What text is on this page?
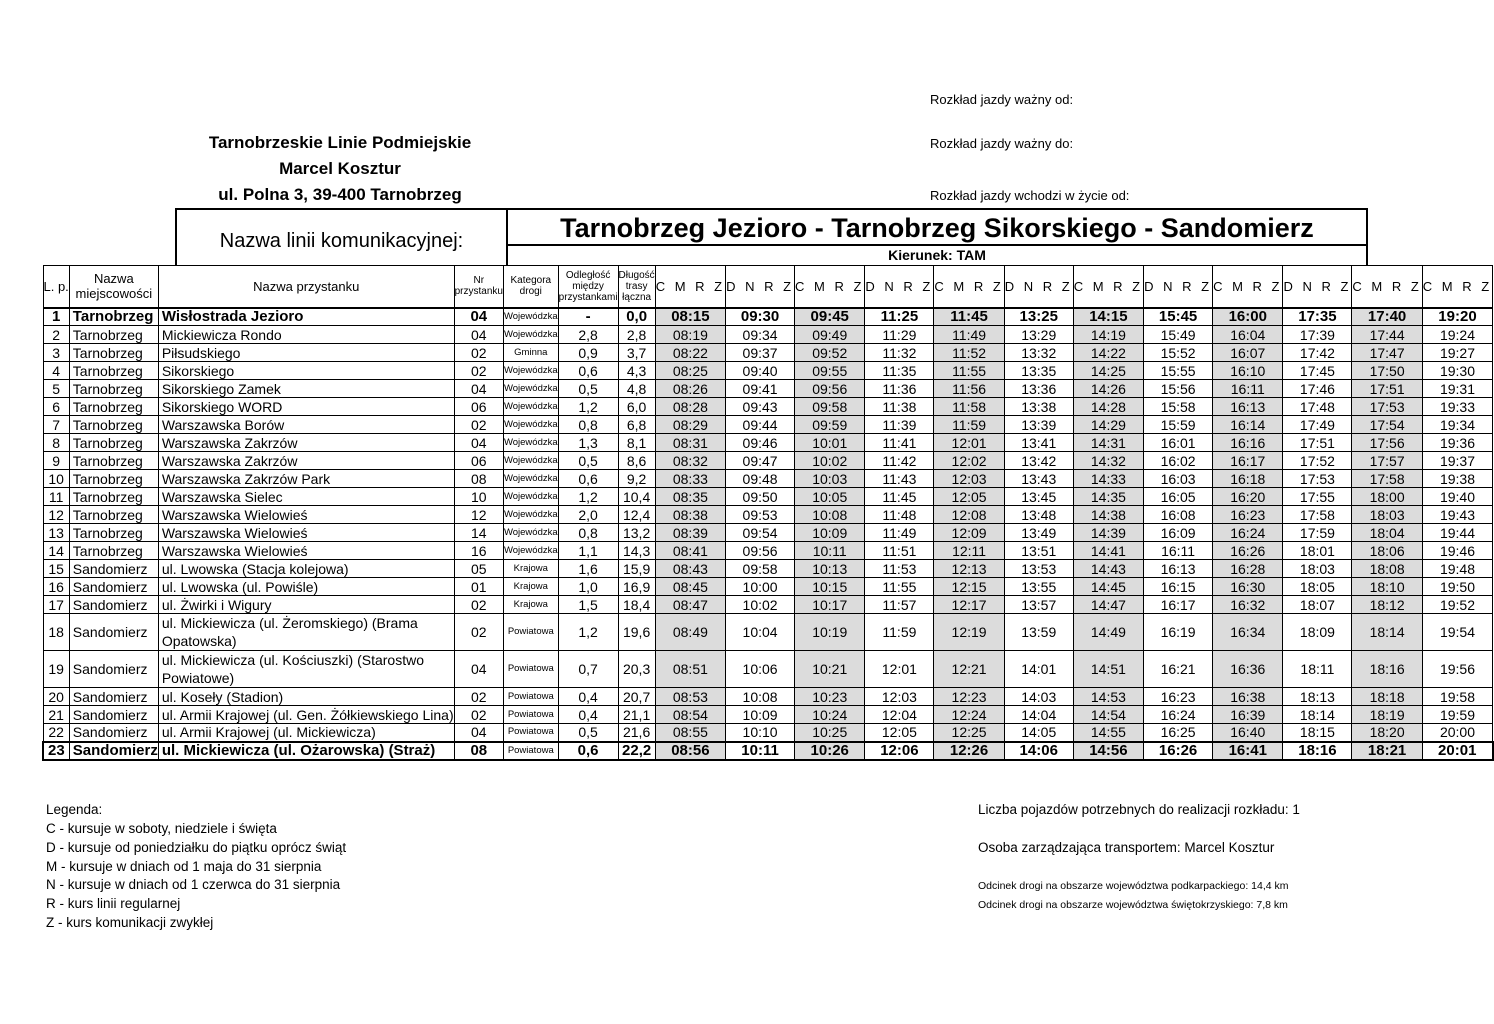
Rozkład jazdy ważny od:
Rozkład jazdy ważny do:
Rozkład jazdy wchodzi w życie od:
Tarnobrzeskie Linie Podmiejskie
Marcel Kosztur
ul. Polna 3, 39-400 Tarnobrzeg
Nazwa linii komunikacyjnej:	Tarnobrzeg Jezioro - Tarnobrzeg Sikorskiego - Sandomierz
Kierunek: TAM
L. p.	Nazwa miejscowości	Nazwa przystanku	Nr przystanku	Kategora drogi	Odległość między przystankami	Długość trasy łączna	C M R Z	D N R Z	C M R Z	D N R Z	C M R Z	D N R Z	C M R Z	D N R Z	C M R Z	D N R Z	C M R Z	C M R Z
1	Tarnobrzeg	Wisłostrada Jezioro	04	Wojewódzka	-	0,0	08:15	09:30	09:45	11:25	11:45	13:25	14:15	15:45	16:00	17:35	17:40	19:20
2	Tarnobrzeg	Mickiewicza Rondo	04	Wojewódzka	2,8	2,8	08:19	09:34	09:49	11:29	11:49	13:29	14:19	15:49	16:04	17:39	17:44	19:24
3	Tarnobrzeg	Piłsudskiego	02	Gminna	0,9	3,7	08:22	09:37	09:52	11:32	11:52	13:32	14:22	15:52	16:07	17:42	17:47	19:27
4	Tarnobrzeg	Sikorskiego	02	Wojewódzka	0,6	4,3	08:25	09:40	09:55	11:35	11:55	13:35	14:25	15:55	16:10	17:45	17:50	19:30
5	Tarnobrzeg	Sikorskiego Zamek	04	Wojewódzka	0,5	4,8	08:26	09:41	09:56	11:36	11:56	13:36	14:26	15:56	16:11	17:46	17:51	19:31
6	Tarnobrzeg	Sikorskiego WORD	06	Wojewódzka	1,2	6,0	08:28	09:43	09:58	11:38	11:58	13:38	14:28	15:58	16:13	17:48	17:53	19:33
7	Tarnobrzeg	Warszawska Borów	02	Wojewódzka	0,8	6,8	08:29	09:44	09:59	11:39	11:59	13:39	14:29	15:59	16:14	17:49	17:54	19:34
8	Tarnobrzeg	Warszawska Zakrzów	04	Wojewódzka	1,3	8,1	08:31	09:46	10:01	11:41	12:01	13:41	14:31	16:01	16:16	17:51	17:56	19:36
9	Tarnobrzeg	Warszawska Zakrzów	06	Wojewódzka	0,5	8,6	08:32	09:47	10:02	11:42	12:02	13:42	14:32	16:02	16:17	17:52	17:57	19:37
10	Tarnobrzeg	Warszawska Zakrzów Park	08	Wojewódzka	0,6	9,2	08:33	09:48	10:03	11:43	12:03	13:43	14:33	16:03	16:18	17:53	17:58	19:38
11	Tarnobrzeg	Warszawska Sielec	10	Wojewódzka	1,2	10,4	08:35	09:50	10:05	11:45	12:05	13:45	14:35	16:05	16:20	17:55	18:00	19:40
12	Tarnobrzeg	Warszawska Wielowieś	12	Wojewódzka	2,0	12,4	08:38	09:53	10:08	11:48	12:08	13:48	14:38	16:08	16:23	17:58	18:03	19:43
13	Tarnobrzeg	Warszawska Wielowieś	14	Wojewódzka	0,8	13,2	08:39	09:54	10:09	11:49	12:09	13:49	14:39	16:09	16:24	17:59	18:04	19:44
14	Tarnobrzeg	Warszawska Wielowieś	16	Wojewódzka	1,1	14,3	08:41	09:56	10:11	11:51	12:11	13:51	14:41	16:11	16:26	18:01	18:06	19:46
15	Sandomierz	ul. Lwowska (Stacja kolejowa)	05	Krajowa	1,6	15,9	08:43	09:58	10:13	11:53	12:13	13:53	14:43	16:13	16:28	18:03	18:08	19:48
16	Sandomierz	ul. Lwowska (ul. Powiśle)	01	Krajowa	1,0	16,9	08:45	10:00	10:15	11:55	12:15	13:55	14:45	16:15	16:30	18:05	18:10	19:50
17	Sandomierz	ul. Żwirki i Wigury	02	Krajowa	1,5	18,4	08:47	10:02	10:17	11:57	12:17	13:57	14:47	16:17	16:32	18:07	18:12	19:52
18	Sandomierz	ul. Mickiewicza (ul. Żeromskiego) (Brama Opatowska)	02	Powiatowa	1,2	19,6	08:49	10:04	10:19	11:59	12:19	13:59	14:49	16:19	16:34	18:09	18:14	19:54
19	Sandomierz	ul. Mickiewicza (ul. Kościuszki) (Starostwo Powiatowe)	04	Powiatowa	0,7	20,3	08:51	10:06	10:21	12:01	12:21	14:01	14:51	16:21	16:36	18:11	18:16	19:56
20	Sandomierz	ul. Koseły (Stadion)	02	Powiatowa	0,4	20,7	08:53	10:08	10:23	12:03	12:23	14:03	14:53	16:23	16:38	18:13	18:18	19:58
21	Sandomierz	ul. Armii Krajowej (ul. Gen. Żółkiewskiego Lina)	02	Powiatowa	0,4	21,1	08:54	10:09	10:24	12:04	12:24	14:04	14:54	16:24	16:39	18:14	18:19	19:59
22	Sandomierz	ul. Armii Krajowej (ul. Mickiewicza)	04	Powiatowa	0,5	21,6	08:55	10:10	10:25	12:05	12:25	14:05	14:55	16:25	16:40	18:15	18:20	20:00
23	Sandomierz	ul. Mickiewicza (ul. Ożarowska) (Straż)	08	Powiatowa	0,6	22,2	08:56	10:11	10:26	12:06	12:26	14:06	14:56	16:26	16:41	18:16	18:21	20:01
Legenda:
C - kursuje w soboty, niedziele i święta
D - kursuje od poniedziałku do piątku oprócz świąt
M - kursuje w dniach od 1 maja do 31 sierpnia
N - kursuje w dniach od 1 czerwca do 31 sierpnia
R - kurs linii regularnej
Z - kurs komunikacji zwykłej
Liczba pojazdów potrzebnych do realizacji rozkładu: 1
Osoba zarządzająca transportem: Marcel Kosztur
Odcinek drogi na obszarze województwa podkarpackiego: 14,4 km
Odcinek drogi na obszarze województwa świętokrzyskiego: 7,8 km
